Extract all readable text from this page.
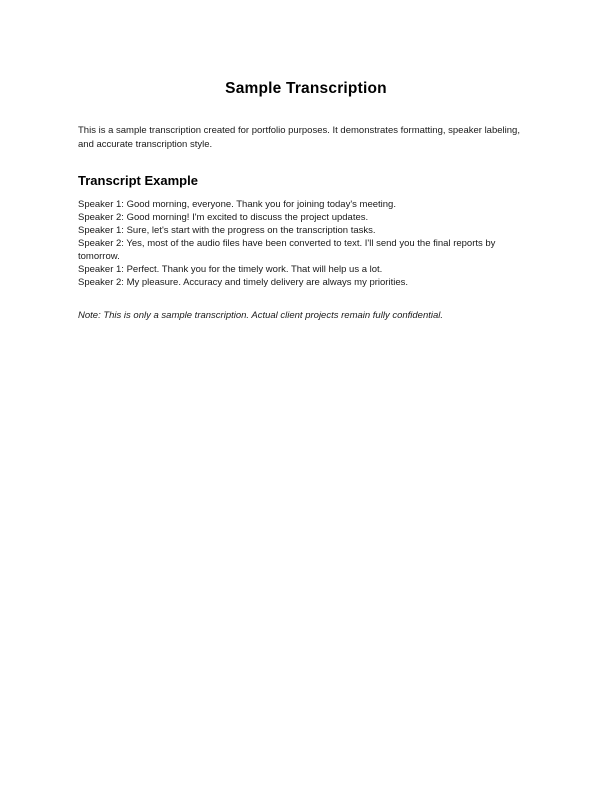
Sample Transcription

This is a sample transcription created for portfolio purposes. It demonstrates formatting, speaker labeling, and accurate transcription style.

Transcript Example

Speaker 1: Good morning, everyone. Thank you for joining today's meeting.

Speaker 2: Good morning! I'm excited to discuss the project updates.

Speaker 1: Sure, let's start with the progress on the transcription tasks.

Speaker 2: Yes, most of the audio files have been converted to text. I'll send you the final reports by tomorrow.

Speaker 1: Perfect. Thank you for the timely work. That will help us a lot.

Speaker 2: My pleasure. Accuracy and timely delivery are always my priorities.

Note: This is only a sample transcription. Actual client projects remain fully confidential.
